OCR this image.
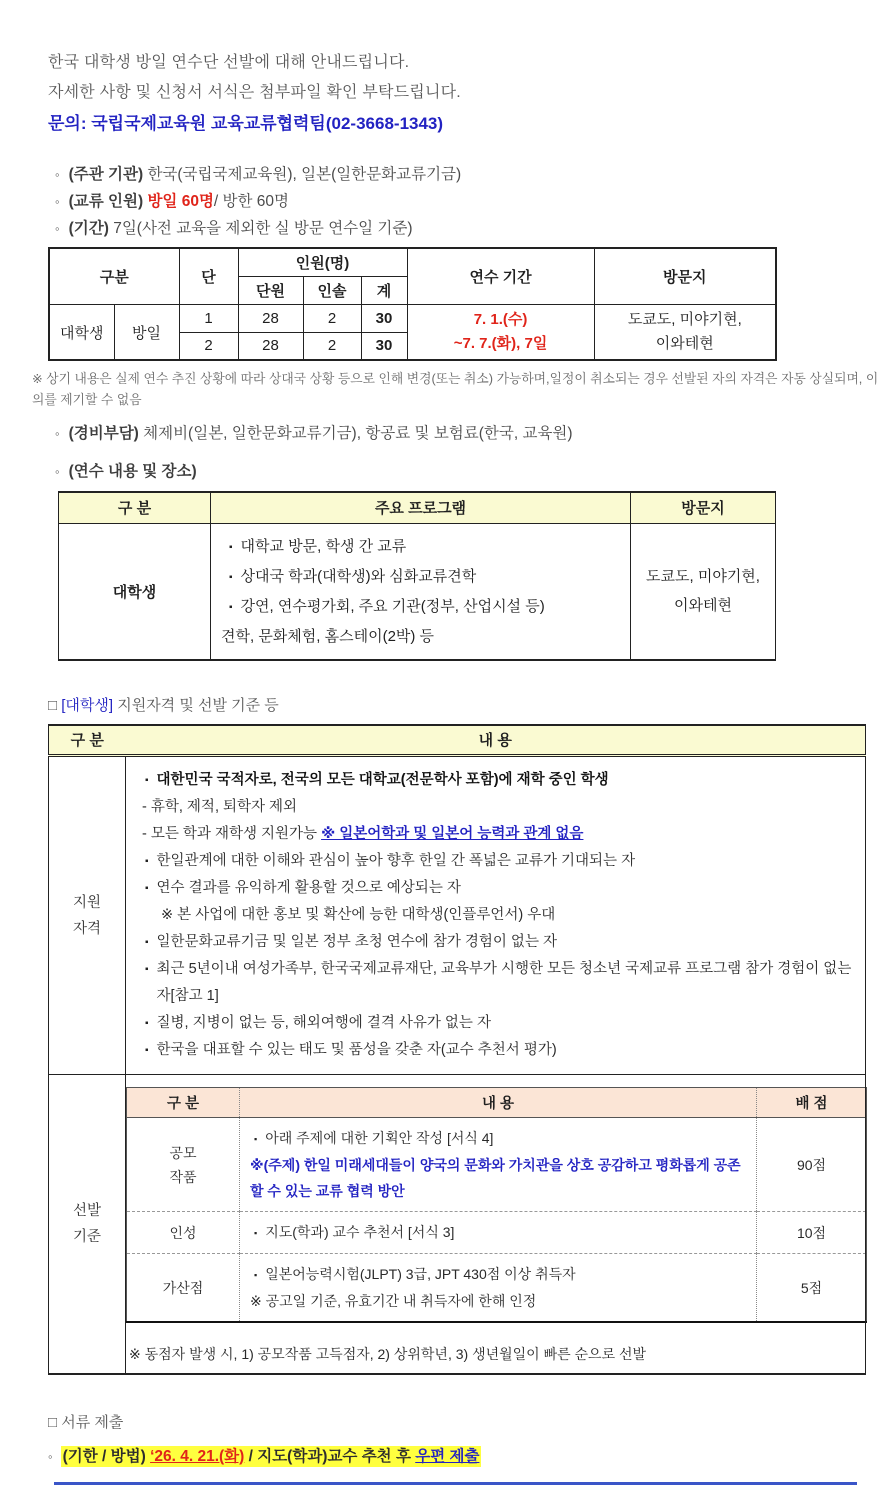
한국 대학생 방일 연수단 선발에 대해 안내드립니다.

자세한 사항 및 신청서 서식은 첨부파일 확인 부탁드립니다.

문의: 국립국제교육원 교육교류협력팀(02-3668-1343)

◦ (주관 기관) 한국(국립국제교육원), 일본(일한문화교류기금)
◦ (교류 인원) 방일 60명/ 방한 60명
◦ (기간) 7일(사전 교육을 제외한 실 방문 연수일 기준)
구분		단	인원(명)			연수 기간	방문지
			단원	인솔	계		
대학생	방일	1	28	2	30	7. 1.(수)
~7. 7.(화), 7일

도쿄도, 미야기현,
이와테현

		2	28	2	30		

※ 상기 내용은 실제 연수 추진 상황에 따라 상대국 상황 등으로 인해 변경(또는 취소) 가능하며,일정이 취소되는 경우 선발된 자의 자격은 자동 상실되며, 이의를 제기할 수 없음

◦ (경비부담) 체제비(일본, 일한문화교류기금), 항공료 및 보험료(한국, 교육원)
◦ (연수 내용 및 장소)
구 분	주요 프로그램	방문지
대학생	
▪ 대학교 방문, 학생 간 교류
▪ 상대국 학과(대학생)와 심화교류견학
▪ 강연, 연수평가회, 주요 기관(정부, 산업시설 등)
견학, 문화체험, 홈스테이(2박) 등

도쿄도, 미야기현,
이와테현

□ [대학생] 지원자격 및 선발 기준 등

구 분	내 용

지원
자격

▪ 대한민국 국적자로, 전국의 모든 대학교(전문학사 포함)에 재학 중인 학생
- 휴학, 제적, 퇴학자 제외
- 모든 학과 재학생 지원가능 ※ 일본어학과 및 일본어 능력과 관계 없음
▪ 한일관계에 대한 이해와 관심이 높아 향후 한일 간 폭넓은 교류가 기대되는 자
▪ 연수 결과를 유익하게 활용할 것으로 예상되는 자
※ 본 사업에 대한 홍보 및 확산에 능한 대학생(인플루언서) 우대
▪ 일한문화교류기금 및 일본 정부 초청 연수에 참가 경험이 없는 자
▪ 최근 5년이내 여성가족부, 한국국제교류재단, 교육부가 시행한 모든 청소년 국제교류 프로그램 참가 경험이 없는 자[참고 1]
▪ 질병, 지병이 없는 등, 해외여행에 결격 사유가 없는 자
▪ 한국을 대표할 수 있는 태도 및 품성을 갖춘 자(교수 추천서 평가)

선발
기준

구 분	내 용	배 점

공모
작품

▪ 아래 주제에 대한 기획안 작성 [서식 4]
※(주제) 한일 미래세대들이 양국의 문화와 가치관을 상호 공감하고 평화롭게 공존할 수 있는 교류 협력 방안
	90점
인성	▪ 지도(학과) 교수 추천서 [서식 3]	10점
가산점	
▪ 일본어능력시험(JLPT) 3급, JPT 430점 이상 취득자
※ 공고일 기준, 유효기간 내 취득자에 한해 인정
	5점

※ 동점자 발생 시, 1) 공모작품 고득점자, 2) 상위학년, 3) 생년월일이 빠른 순으로 선발

□ 서류 제출

◦ (기한 / 방법) ‘26. 4. 21.(화) / 지도(학과)교수 추천 후 우편 제출
